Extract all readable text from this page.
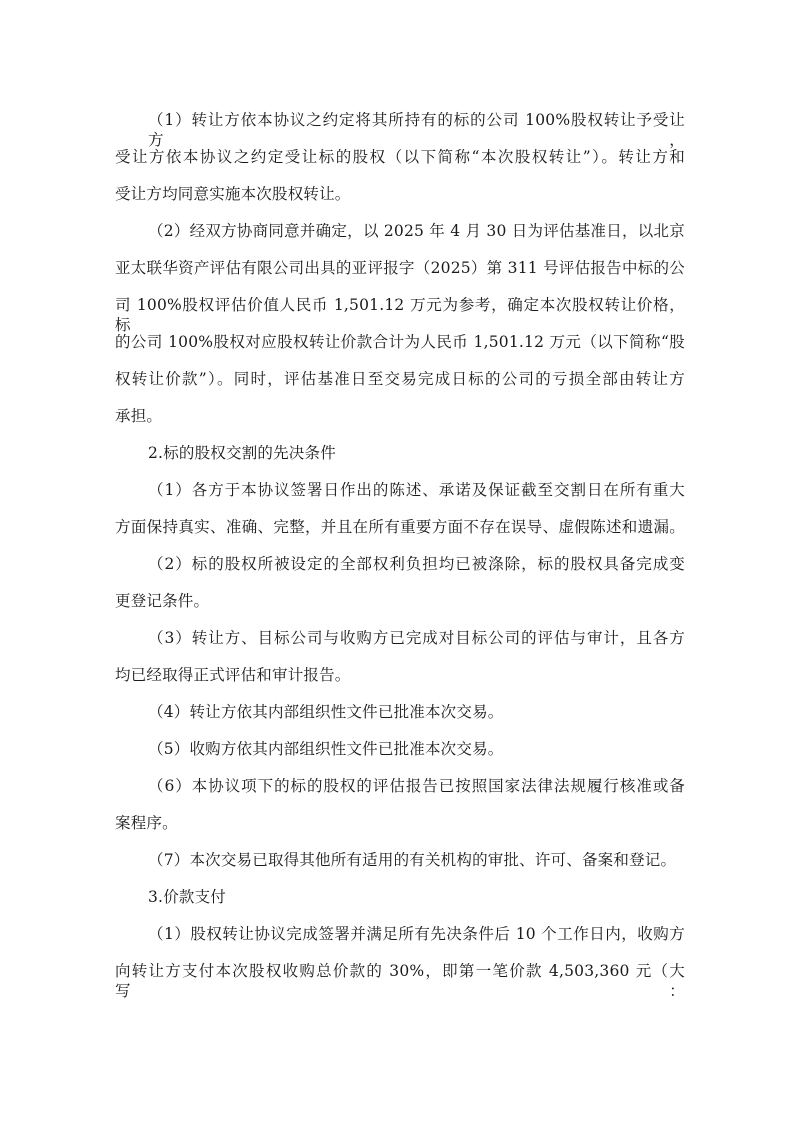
（1）转让方依本协议之约定将其所持有的标的公司 100%股权转让予受让方，
受让方依本协议之约定受让标的股权（以下简称“本次股权转让”）。转让方和
受让方均同意实施本次股权转让。
（2）经双方协商同意并确定，以 2025 年 4 月 30 日为评估基准日，以北京
亚太联华资产评估有限公司出具的亚评报字（2025）第 311 号评估报告中标的公
司 100%股权评估价值人民币 1,501.12 万元为参考，确定本次股权转让价格，标
的公司 100%股权对应股权转让价款合计为人民币 1,501.12 万元（以下简称“股
权转让价款”）。同时，评估基准日至交易完成日标的公司的亏损全部由转让方
承担。
2.标的股权交割的先决条件
（1）各方于本协议签署日作出的陈述、承诺及保证截至交割日在所有重大
方面保持真实、准确、完整，并且在所有重要方面不存在误导、虚假陈述和遗漏。
（2）标的股权所被设定的全部权利负担均已被涤除，标的股权具备完成变
更登记条件。
（3）转让方、目标公司与收购方已完成对目标公司的评估与审计，且各方
均已经取得正式评估和审计报告。
（4）转让方依其内部组织性文件已批准本次交易。
（5）收购方依其内部组织性文件已批准本次交易。
（6）本协议项下的标的股权的评估报告已按照国家法律法规履行核准或备
案程序。
（7）本次交易已取得其他所有适用的有关机构的审批、许可、备案和登记。
3.价款支付
（1）股权转让协议完成签署并满足所有先决条件后 10 个工作日内，收购方
向转让方支付本次股权收购总价款的 30%，即第一笔价款 4,503,360 元（大写：
